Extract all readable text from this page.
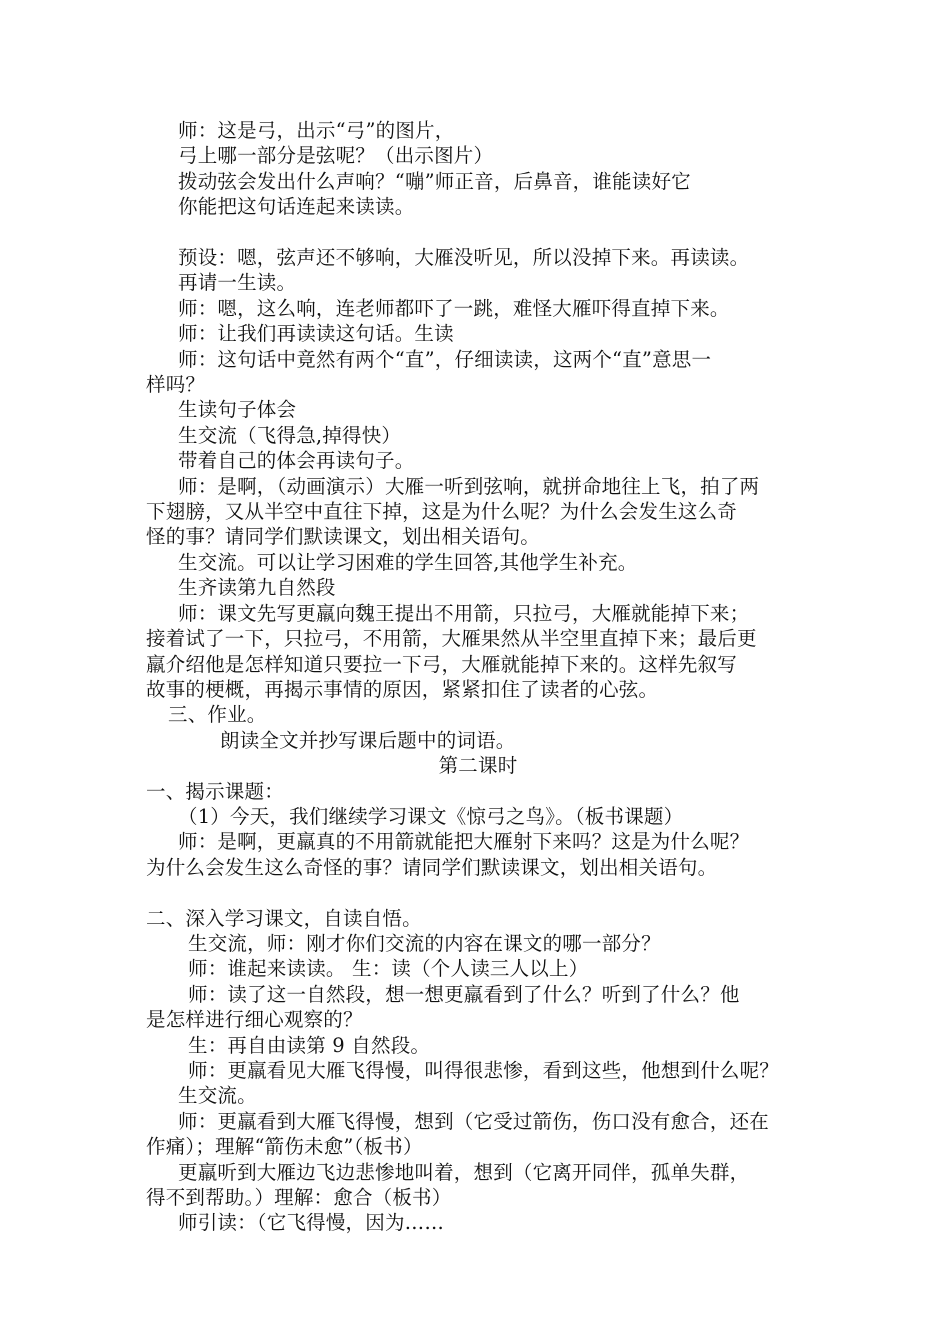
师：这是弓，出示“弓”的图片，

弓上哪一部分是弦呢？（出示图片）

拨动弦会发出什么声响？“嘣”师正音，后鼻音，谁能读好它

你能把这句话连起来读读。

预设：嗯，弦声还不够响，大雁没听见，所以没掉下来。再读读。

再请一生读。

师：嗯，这么响，连老师都吓了一跳，难怪大雁吓得直掉下来。

师：让我们再读读这句话。生读

师：这句话中竟然有两个“直”，仔细读读，这两个“直”意思一

样吗？

生读句子体会

生交流（飞得急,掉得快）

带着自己的体会再读句子。

师：是啊，（动画演示）大雁一听到弦响，就拼命地往上飞，拍了两

下翅膀，又从半空中直往下掉，这是为什么呢？为什么会发生这么奇

怪的事？请同学们默读课文，划出相关语句。

生交流。可以让学习困难的学生回答,其他学生补充。

生齐读第九自然段

师：课文先写更羸向魏王提出不用箭，只拉弓，大雁就能掉下来；

接着试了一下，只拉弓，不用箭，大雁果然从半空里直掉下来；最后更

羸介绍他是怎样知道只要拉一下弓，大雁就能掉下来的。这样先叙写

故事的梗概，再揭示事情的原因，紧紧扣住了读者的心弦。

三、作业。

朗读全文并抄写课后题中的词语。

第二课时

一、揭示课题：

（1）今天，我们继续学习课文《惊弓之鸟》。（板书课题）

师：是啊，更羸真的不用箭就能把大雁射下来吗？这是为什么呢？

为什么会发生这么奇怪的事？请同学们默读课文，划出相关语句。

二、深入学习课文，自读自悟。

生交流，师：刚才你们交流的内容在课文的哪一部分？

师：谁起来读读。 生：读（个人读三人以上）

师：读了这一自然段，想一想更羸看到了什么？听到了什么？他

是怎样进行细心观察的？

生：再自由读第 9 自然段。

师：更羸看见大雁飞得慢，叫得很悲惨，看到这些，他想到什么呢？

生交流。

师：更羸看到大雁飞得慢，想到（它受过箭伤，伤口没有愈合，还在

作痛）；理解“箭伤未愈”（板书）

更羸听到大雁边飞边悲惨地叫着，想到（它离开同伴，孤单失群，

得不到帮助。）理解：愈合（板书）

师引读：（它飞得慢，因为……
